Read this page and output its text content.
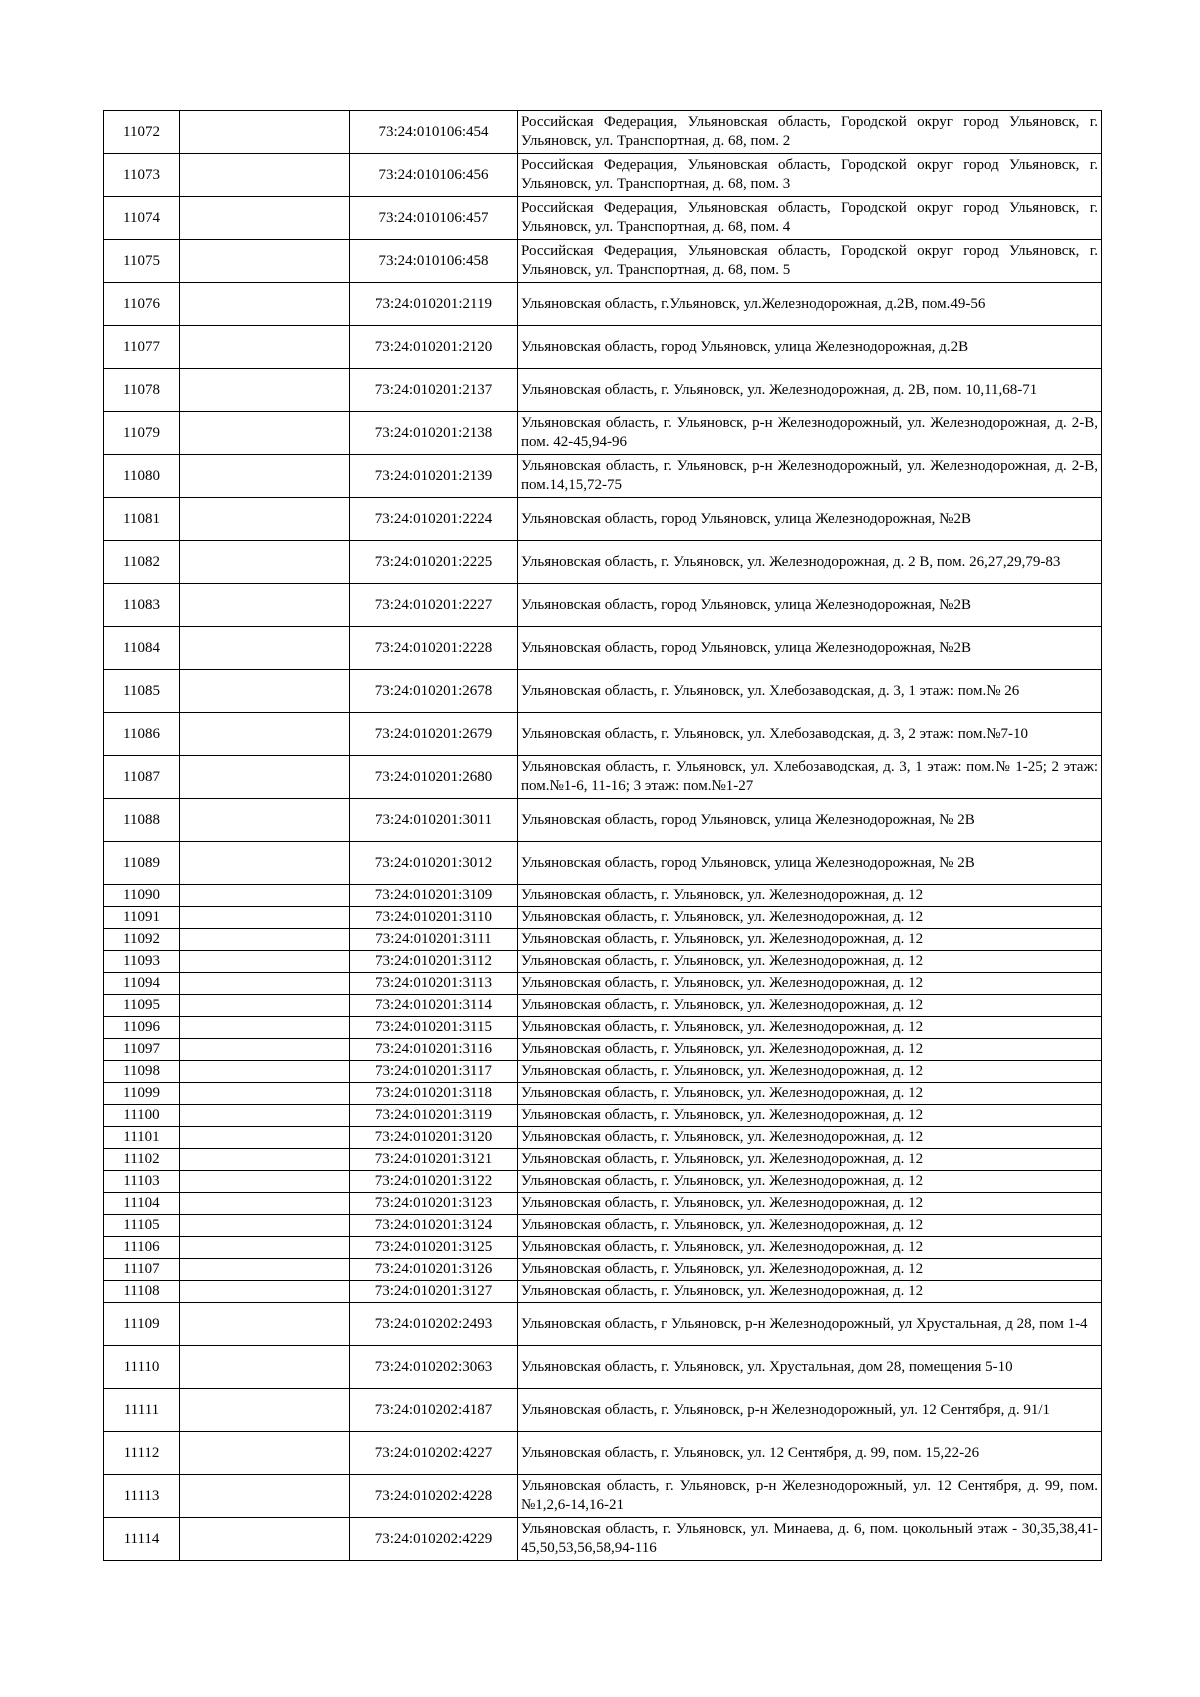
11072		73:24:010106:454	Российская Федерация, Ульяновская область, Городской округ город Ульяновск, г. Ульяновск, ул. Транспортная, д. 68, пом. 2
11073		73:24:010106:456	Российская Федерация, Ульяновская область, Городской округ город Ульяновск, г. Ульяновск, ул. Транспортная, д. 68, пом. 3
11074		73:24:010106:457	Российская Федерация, Ульяновская область, Городской округ город Ульяновск, г. Ульяновск, ул. Транспортная, д. 68, пом. 4
11075		73:24:010106:458	Российская Федерация, Ульяновская область, Городской округ город Ульяновск, г. Ульяновск, ул. Транспортная, д. 68, пом. 5
11076		73:24:010201:2119	Ульяновская область, г.Ульяновск, ул.Железнодорожная, д.2В, пом.49-56
11077		73:24:010201:2120	Ульяновская область, город Ульяновск, улица Железнодорожная, д.2В
11078		73:24:010201:2137	Ульяновская область, г. Ульяновск, ул. Железнодорожная, д. 2В, пом. 10,11,68-71
11079		73:24:010201:2138	Ульяновская область, г. Ульяновск, р-н Железнодорожный, ул. Железнодорожная, д. 2-В, пом. 42-45,94-96
11080		73:24:010201:2139	Ульяновская область, г. Ульяновск, р-н Железнодорожный, ул. Железнодорожная, д. 2-В, пом.14,15,72-75
11081		73:24:010201:2224	Ульяновская область, город Ульяновск, улица Железнодорожная, №2В
11082		73:24:010201:2225	Ульяновская область, г. Ульяновск, ул. Железнодорожная, д. 2 В, пом. 26,27,29,79-83
11083		73:24:010201:2227	Ульяновская область, город Ульяновск, улица Железнодорожная, №2В
11084		73:24:010201:2228	Ульяновская область, город Ульяновск, улица Железнодорожная, №2В
11085		73:24:010201:2678	Ульяновская область, г. Ульяновск, ул. Хлебозаводская, д. 3, 1 этаж: пом.№ 26
11086		73:24:010201:2679	Ульяновская область, г. Ульяновск, ул. Хлебозаводская, д. 3, 2 этаж: пом.№7-10
11087		73:24:010201:2680	Ульяновская область, г. Ульяновск, ул. Хлебозаводская, д. 3, 1 этаж: пом.№ 1-25; 2 этаж: пом.№1-6, 11-16; 3 этаж: пом.№1-27
11088		73:24:010201:3011	Ульяновская область, город Ульяновск, улица Железнодорожная, № 2В
11089		73:24:010201:3012	Ульяновская область, город Ульяновск, улица Железнодорожная, № 2В
11090		73:24:010201:3109	Ульяновская область, г. Ульяновск, ул. Железнодорожная, д. 12
11091		73:24:010201:3110	Ульяновская область, г. Ульяновск, ул. Железнодорожная, д. 12
11092		73:24:010201:3111	Ульяновская область, г. Ульяновск, ул. Железнодорожная, д. 12
11093		73:24:010201:3112	Ульяновская область, г. Ульяновск, ул. Железнодорожная, д. 12
11094		73:24:010201:3113	Ульяновская область, г. Ульяновск, ул. Железнодорожная, д. 12
11095		73:24:010201:3114	Ульяновская область, г. Ульяновск, ул. Железнодорожная, д. 12
11096		73:24:010201:3115	Ульяновская область, г. Ульяновск, ул. Железнодорожная, д. 12
11097		73:24:010201:3116	Ульяновская область, г. Ульяновск, ул. Железнодорожная, д. 12
11098		73:24:010201:3117	Ульяновская область, г. Ульяновск, ул. Железнодорожная, д. 12
11099		73:24:010201:3118	Ульяновская область, г. Ульяновск, ул. Железнодорожная, д. 12
11100		73:24:010201:3119	Ульяновская область, г. Ульяновск, ул. Железнодорожная, д. 12
11101		73:24:010201:3120	Ульяновская область, г. Ульяновск, ул. Железнодорожная, д. 12
11102		73:24:010201:3121	Ульяновская область, г. Ульяновск, ул. Железнодорожная, д. 12
11103		73:24:010201:3122	Ульяновская область, г. Ульяновск, ул. Железнодорожная, д. 12
11104		73:24:010201:3123	Ульяновская область, г. Ульяновск, ул. Железнодорожная, д. 12
11105		73:24:010201:3124	Ульяновская область, г. Ульяновск, ул. Железнодорожная, д. 12
11106		73:24:010201:3125	Ульяновская область, г. Ульяновск, ул. Железнодорожная, д. 12
11107		73:24:010201:3126	Ульяновская область, г. Ульяновск, ул. Железнодорожная, д. 12
11108		73:24:010201:3127	Ульяновская область, г. Ульяновск, ул. Железнодорожная, д. 12
11109		73:24:010202:2493	Ульяновская область, г Ульяновск, р-н Железнодорожный, ул Хрустальная, д 28, пом 1-4
11110		73:24:010202:3063	Ульяновская область, г. Ульяновск, ул. Хрустальная, дом 28, помещения 5-10
11111		73:24:010202:4187	Ульяновская область, г. Ульяновск, р-н Железнодорожный, ул. 12 Сентября, д. 91/1
11112		73:24:010202:4227	Ульяновская область, г. Ульяновск, ул. 12 Сентября, д. 99, пом. 15,22-26
11113		73:24:010202:4228	Ульяновская область, г. Ульяновск, р-н Железнодорожный, ул. 12 Сентября, д. 99, пом. №1,2,6-14,16-21
11114		73:24:010202:4229	Ульяновская область, г. Ульяновск, ул. Минаева, д. 6, пом. цокольный этаж - 30,35,38,41-45,50,53,56,58,94-116
